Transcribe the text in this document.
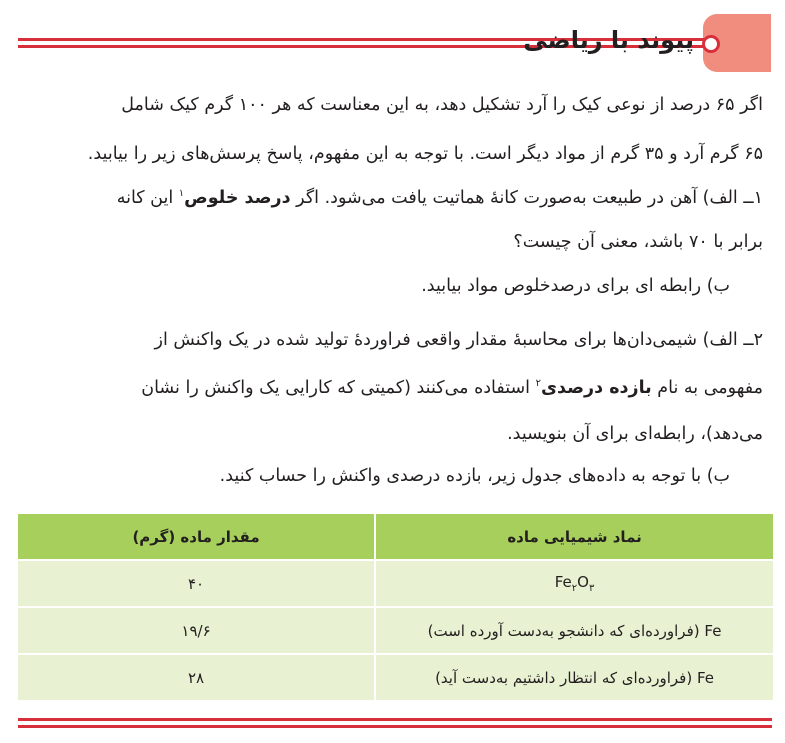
پیوند با ریاضی
اگر ۶۵ درصد از نوعی کیک را آرد تشکیل دهد، به این معناست که هر ۱۰۰ گرم کیک شامل
۶۵ گرم آرد و ۳۵ گرم از مواد دیگر است. با توجه به این مفهوم، پاسخ پرسش‌های زیر را بیابید.
۱ــ الف) آهن در طبیعت به‌صورت کانهٔ هماتیت یافت می‌شود. اگر درصد خلوص$^۱$ این کانه
برابر با ۷۰ باشد، معنی آن چیست؟
ب) رابطه ای برای درصدخلوص مواد بیابید.
۲ــ الف) شیمی‌دان‌ها برای محاسبهٔ مقدار واقعی فراوردهٔ تولید شده در یک واکنش از
مفهومی به نام بازده درصدی$^۲$ استفاده می‌کنند (کمیتی که کارایی یک واکنش را نشان
می‌دهد)، رابطه‌ای برای آن بنویسید.
ب) با توجه به داده‌های جدول زیر، بازده درصدی واکنش را حساب کنید.
نماد شیمیایی ماده	مقدار ماده (گرم)
$Fe_۲O_۳$	۴۰
Fe (فراورده‌ای که دانشجو به‌دست آورده است)	۱۹/۶
Fe (فراورده‌ای که انتظار داشتیم به‌دست آید)	۲۸
